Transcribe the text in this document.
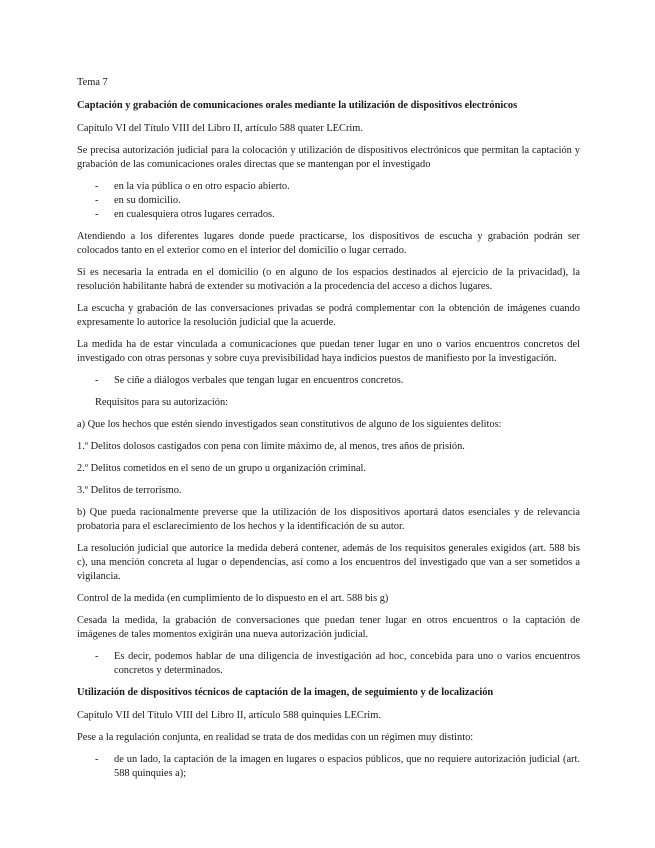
Tema 7

Captación y grabación de comunicaciones orales mediante la utilización de dispositivos electrónicos

Capítulo VI del Título VIII del Libro II, artículo 588 quater LECrim.

Se precisa autorización judicial para la colocación y utilización de dispositivos electrónicos que permitan la captación y grabación de las comunicaciones orales directas que se mantengan por el investigado

- en la vía pública o en otro espacio abierto.
- en su domicilio.
- en cualesquiera otros lugares cerrados.

Atendiendo a los diferentes lugares donde puede practicarse, los dispositivos de escucha y grabación podrán ser colocados tanto en el exterior como en el interior del domicilio o lugar cerrado.

Si es necesaria la entrada en el domicilio (o en alguno de los espacios destinados al ejercicio de la privacidad), la resolución habilitante habrá de extender su motivación a la procedencia del acceso a dichos lugares.

La escucha y grabación de las conversaciones privadas se podrá complementar con la obtención de imágenes cuando expresamente lo autorice la resolución judicial que la acuerde.

La medida ha de estar vinculada a comunicaciones que puedan tener lugar en uno o varios encuentros concretos del investigado con otras personas y sobre cuya previsibilidad haya indicios puestos de manifiesto por la investigación.

- Se ciñe a diálogos verbales que tengan lugar en encuentros concretos.

Requisitos para su autorización:

a) Que los hechos que estén siendo investigados sean constitutivos de alguno de los siguientes delitos:

1.º Delitos dolosos castigados con pena con límite máximo de, al menos, tres años de prisión.

2.º Delitos cometidos en el seno de un grupo u organización criminal.

3.º Delitos de terrorismo.

b) Que pueda racionalmente preverse que la utilización de los dispositivos aportará datos esenciales y de relevancia probatoria para el esclarecimiento de los hechos y la identificación de su autor.

La resolución judicial que autorice la medida deberá contener, además de los requisitos generales exigidos (art. 588 bis c), una mención concreta al lugar o dependencias, así como a los encuentros del investigado que van a ser sometidos a vigilancia.

Control de la medida (en cumplimiento de lo dispuesto en el art. 588 bis g)

Cesada la medida, la grabación de conversaciones que puedan tener lugar en otros encuentros o la captación de imágenes de tales momentos exigirán una nueva autorización judicial.

- Es decir, podemos hablar de una diligencia de investigación ad hoc, concebida para uno o varios encuentros concretos y determinados.

Utilización de dispositivos técnicos de captación de la imagen, de seguimiento y de localización

Capítulo VII del Título VIII del Libro II, artículo 588 quinquies LECrim.

Pese a la regulación conjunta, en realidad se trata de dos medidas con un régimen muy distinto:

- de un lado, la captación de la imagen en lugares o espacios públicos, que no requiere autorización judicial (art. 588 quinquies a);
